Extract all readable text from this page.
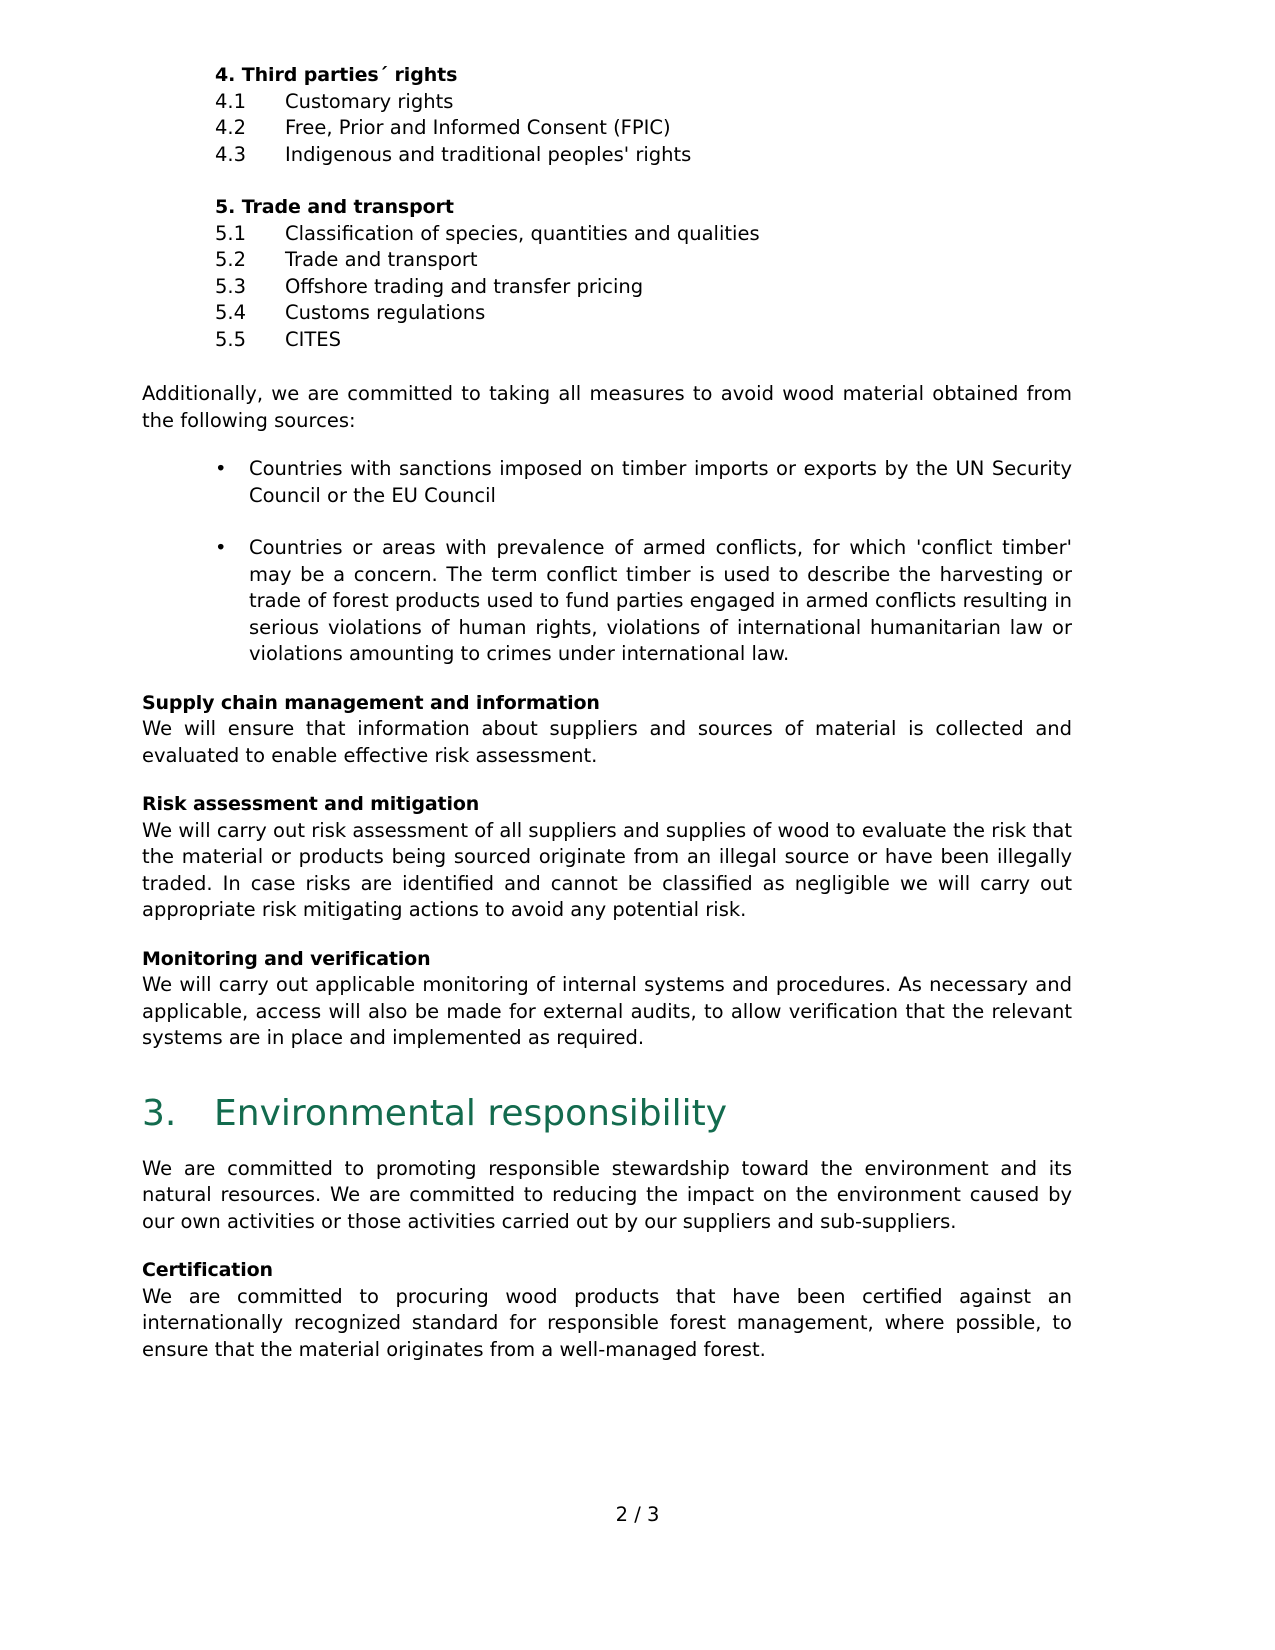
4. Third parties´ rights
4.1	Customary rights
4.2	Free, Prior and Informed Consent (FPIC)
4.3	Indigenous and traditional peoples' rights
5. Trade and transport
5.1	Classification of species, quantities and qualities
5.2	Trade and transport
5.3	Offshore trading and transfer pricing
5.4	Customs regulations
5.5	CITES

Additionally, we are committed to taking all measures to avoid wood material obtained from the following sources:

• Countries with sanctions imposed on timber imports or exports by the UN Security Council or the EU Council
• Countries or areas with prevalence of armed conflicts, for which 'conflict timber' may be a concern. The term conflict timber is used to describe the harvesting or trade of forest products used to fund parties engaged in armed conflicts resulting in serious violations of human rights, violations of international humanitarian law or violations amounting to crimes under international law.
Supply chain management and information

We will ensure that information about suppliers and sources of material is collected and evaluated to enable effective risk assessment.

Risk assessment and mitigation

We will carry out risk assessment of all suppliers and supplies of wood to evaluate the risk that the material or products being sourced originate from an illegal source or have been illegally traded. In case risks are identified and cannot be classified as negligible we will carry out appropriate risk mitigating actions to avoid any potential risk.

Monitoring and verification

We will carry out applicable monitoring of internal systems and procedures. As necessary and applicable, access will also be made for external audits, to allow verification that the relevant systems are in place and implemented as required.

3.	Environmental responsibility

We are committed to promoting responsible stewardship toward the environment and its natural resources. We are committed to reducing the impact on the environment caused by our own activities or those activities carried out by our suppliers and sub-suppliers.

Certification

We are committed to procuring wood products that have been certified against an internationally recognized standard for responsible forest management, where possible, to ensure that the material originates from a well-managed forest.

2 / 3
